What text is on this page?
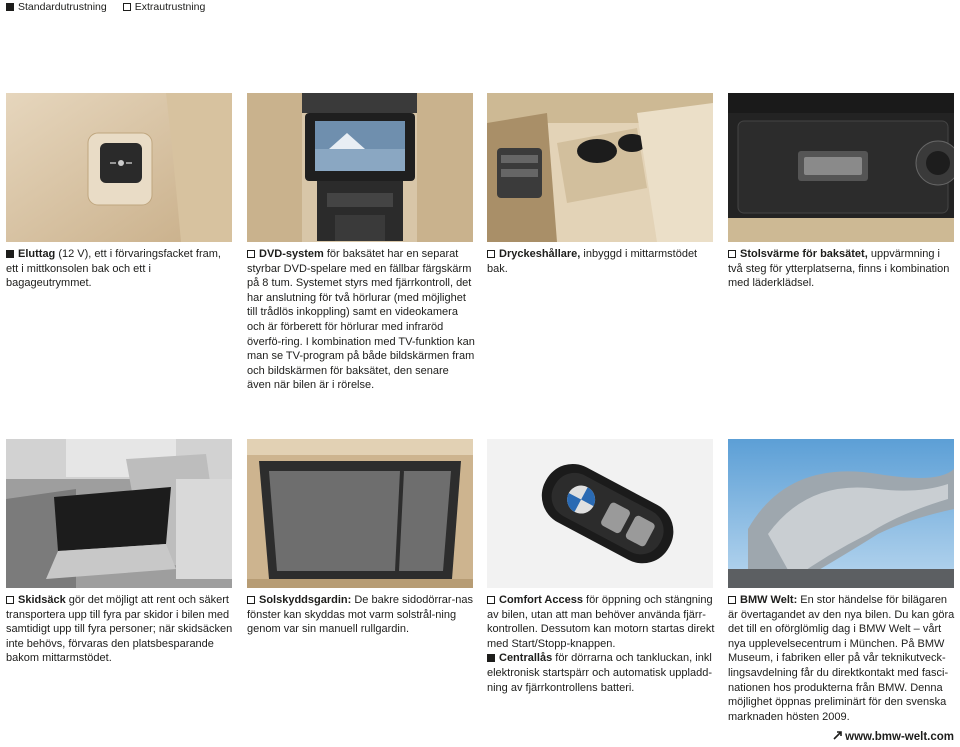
Standardutrustning	Extrautrustning

Eluttag (12 V), ett i förvaringsfacket fram, ett i mittkonsolen bak och ett i bagageutrymmet.

DVD-system för baksätet har en separat styrbar DVD-spelare med en fällbar färgskärm på 8 tum. Systemet styrs med fjärrkontroll, det har anslutning för två hörlurar (med möjlighet till trådlös inkoppling) samt en videokamera och är förberett för hörlurar med infraröd överfö-ring. I kombination med TV-funktion kan man se TV-program på både bildskärmen fram och bildskärmen för baksätet, den senare även när bilen är i rörelse.

Dryckeshållare, inbyggd i mittarmstödet bak.

Stolsvärme för baksätet, uppvärmning i två steg för ytterplatserna, finns i kombination med läderklädsel.

Skidsäck gör det möjligt att rent och säkert transportera upp till fyra par skidor i bilen med samtidigt upp till fyra personer; när skidsäcken inte behövs, förvaras den platsbesparande bakom mittarmstödet.

Solskyddsgardin: De bakre sidodörrar-nas fönster kan skyddas mot varm solstrål-ning genom var sin manuell rullgardin.

Comfort Access för öppning och stängning av bilen, utan att man behöver använda fjärr-kontrollen. Dessutom kan motorn startas direkt med Start/Stopp-knappen.

Centrallås för dörrarna och tankluckan, inkl elektronisk startspärr och automatisk uppladd-ning av fjärrkontrollens batteri.

BMW Welt: En stor händelse för bilägaren är övertagandet av den nya bilen. Du kan göra det till en oförglömlig dag i BMW Welt – vårt nya upplevelsecentrum i München. På BMW Museum, i fabriken eller på vår teknikutveck-lingsavdelning får du direktkontakt med fasci-nationen hos produkterna från BMW. Denna möjlighet öppnas preliminärt för den svenska marknaden hösten 2009.

www.bmw-welt.com
